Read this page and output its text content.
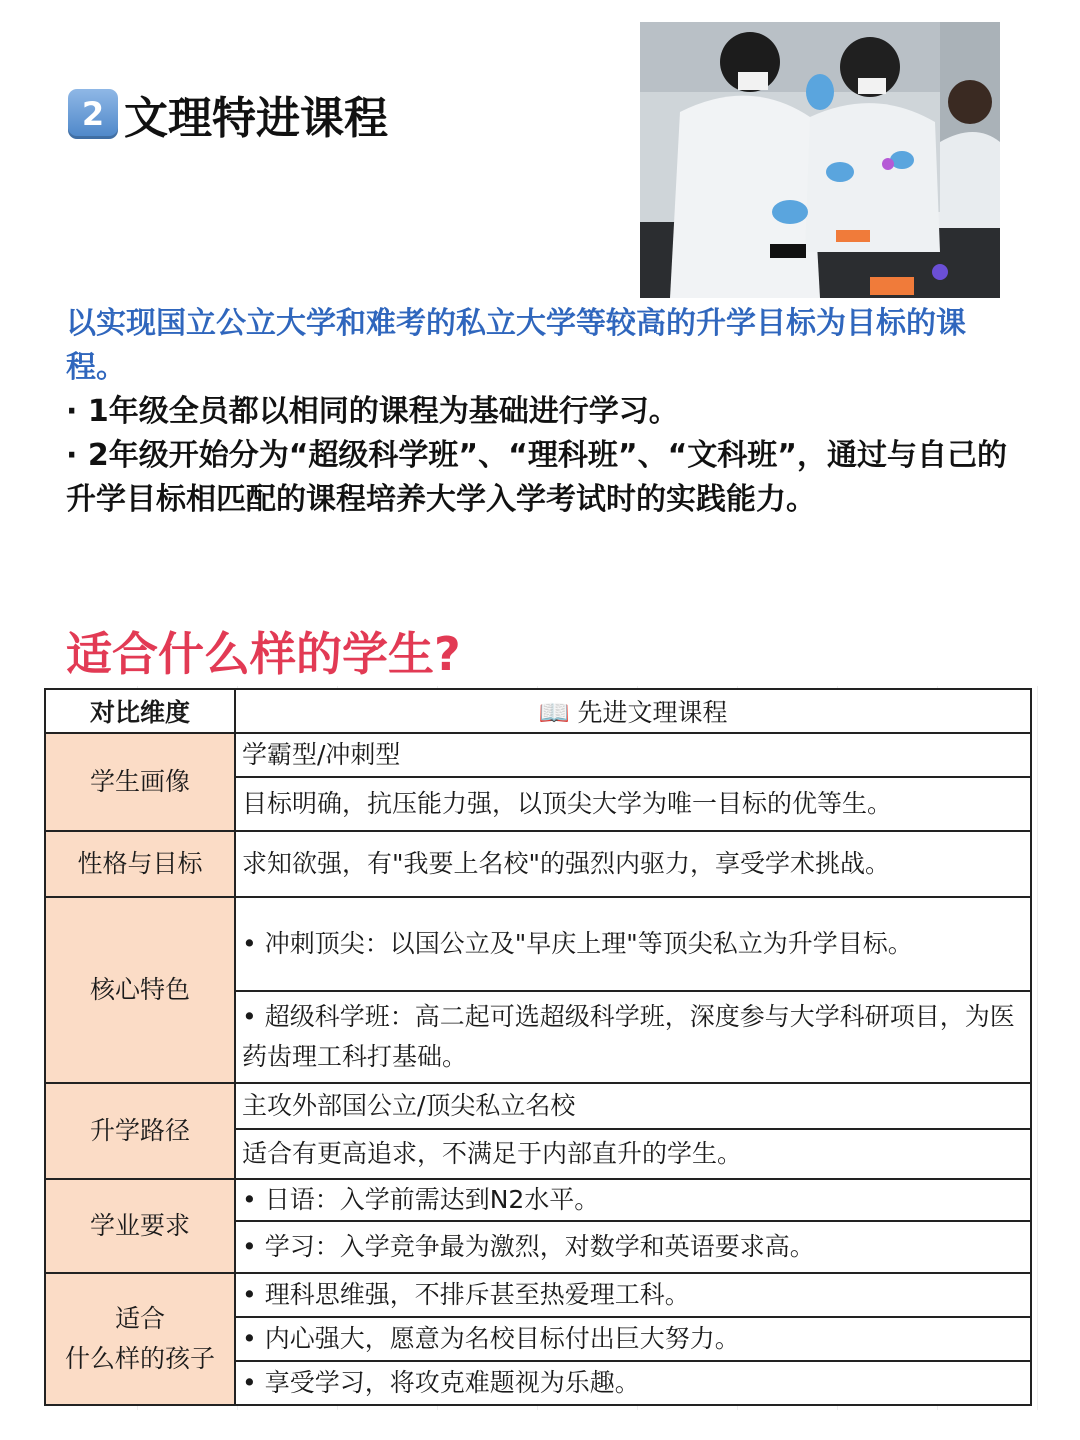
2 文理特进课程
以实现国立公立大学和难考的私立大学等较高的升学目标为目标的课程。
· 1年级全员都以相同的课程为基础进行学习。
· 2年级开始分为“超级科学班”、“理科班”、“文科班”，通过与自己的升学目标相匹配的课程培养大学入学考试时的实践能力。
适合什么样的学生?
对比维度	📖 先进文理课程
学生画像	学霸型/冲刺型
	目标明确，抗压能力强，以顶尖大学为唯一目标的优等生。
性格与目标	求知欲强，有"我要上名校"的强烈内驱力，享受学术挑战。
核心特色	• 冲刺顶尖：以国公立及"早庆上理"等顶尖私立为升学目标。
	• 超级科学班：高二起可选超级科学班，深度参与大学科研项目，为医药齿理工科打基础。
升学路径	主攻外部国公立/顶尖私立名校
	适合有更高追求，不满足于内部直升的学生。
学业要求	• 日语：入学前需达到N2水平。
	• 学习：入学竞争最为激烈，对数学和英语要求高。

适合
什么样的孩子	• 理科思维强，不排斥甚至热爱理工科。
	• 内心强大，愿意为名校目标付出巨大努力。
	• 享受学习，将攻克难题视为乐趣。
